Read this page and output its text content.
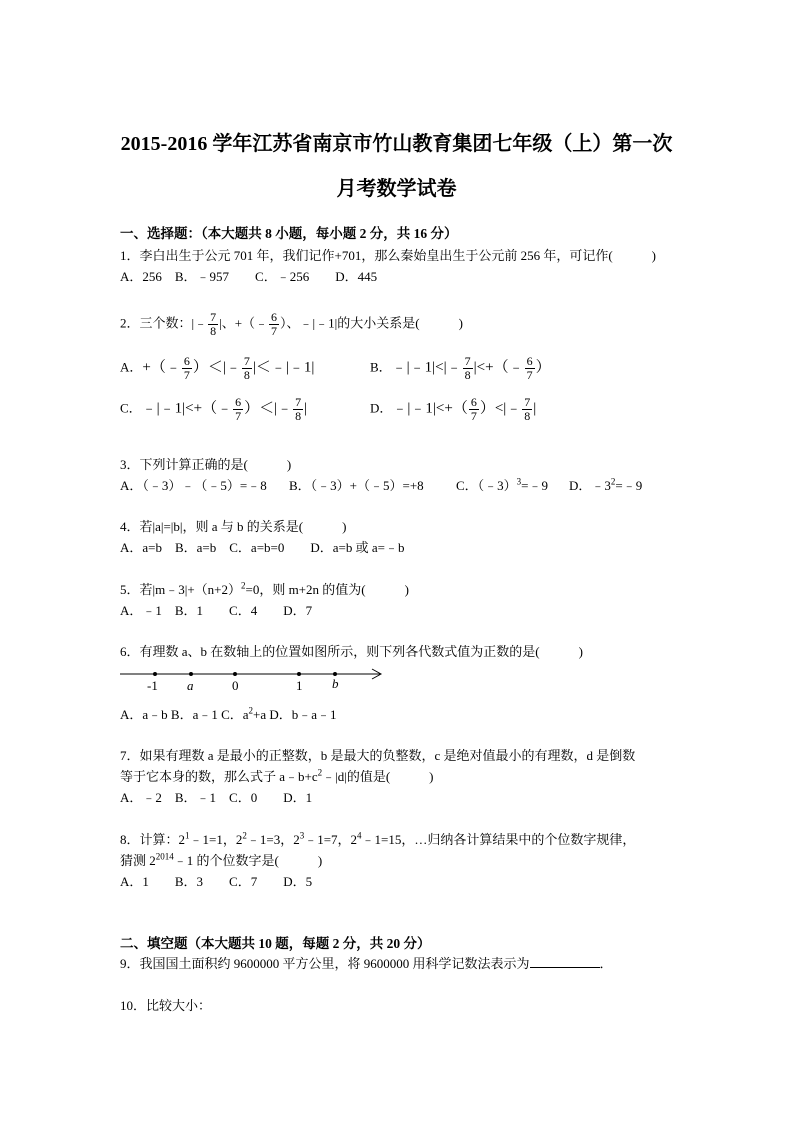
2015-2016 学年江苏省南京市竹山教育集团七年级（上）第一次
月考数学试卷
一、选择题：（本大题共 8 小题，每小题 2 分，共 16 分）
1．李白出生于公元 701 年，我们记作+701，那么秦始皇出生于公元前 256 年，可记作(　　　)
A．256　B．﹣957　　C．﹣256　　D．445
2．三个数：|﹣ $\frac{7}{8}$ |、+（﹣ $\frac{6}{7}$ ）、﹣|﹣1|的大小关系是(　　　)
A．+（﹣ $\frac{6}{7}$ ）＜|﹣ $\frac{7}{8}$ |＜﹣|﹣1|	B．﹣|﹣1|<|﹣ $\frac{7}{8}$ |<+（﹣ $\frac{6}{7}$ ）
C．﹣|﹣1|<+（﹣ $\frac{6}{7}$ ）＜|﹣ $\frac{7}{8}$ |	D．﹣|﹣1|<+（ $\frac{6}{7}$ ）<|﹣ $\frac{7}{8}$ |
3．下列计算正确的是(　　　)
A．（﹣3）﹣（﹣5）=﹣8 B．（﹣3）+（﹣5）=+8 C．（﹣3）$^3$=﹣9 D．$﹣3^2=﹣9$
4．若|a|=|b|，则 a 与 b 的关系是(　　　)
A．a=b　B．a=b　C．a=b=0　　D．a=b 或 a=﹣b
5．若$|m﹣3|+(n+2)^2=0$，则 m+2n 的值为(　　　)
A．﹣1　B．1　　C．4　　D．7
6．有理数 a、b 在数轴上的位置如图所示，则下列各代数式值为正数的是(　　　)
-1 a	0	1 b
A．a﹣b B．a﹣1 C．$a^2+a$ D．b﹣a﹣1
7．如果有理数 a 是最小的正整数，b 是最大的负整数，c 是绝对值最小的有理数，d 是倒数
等于它本身的数，那么式子 $a﹣b+c^2﹣|d|$的值是(　　　)
A．﹣2　B．﹣1　C．0　　D．1
8．计算：$2^1﹣1=1$，$2^2﹣1=3$，$2^3﹣1=7$，$2^4﹣1=15$，…归纳各计算结果中的个位数字规律，
猜测 $2^{2014}﹣1$ 的个位数字是(　　　)
A．1　　B．3　　C．7　　D．5
二、填空题（本大题共 10 题，每题 2 分，共 20 分）
9．我国国土面积约 9600000 平方公里，将 9600000 用科学记数法表示为	．
10．比较大小：
